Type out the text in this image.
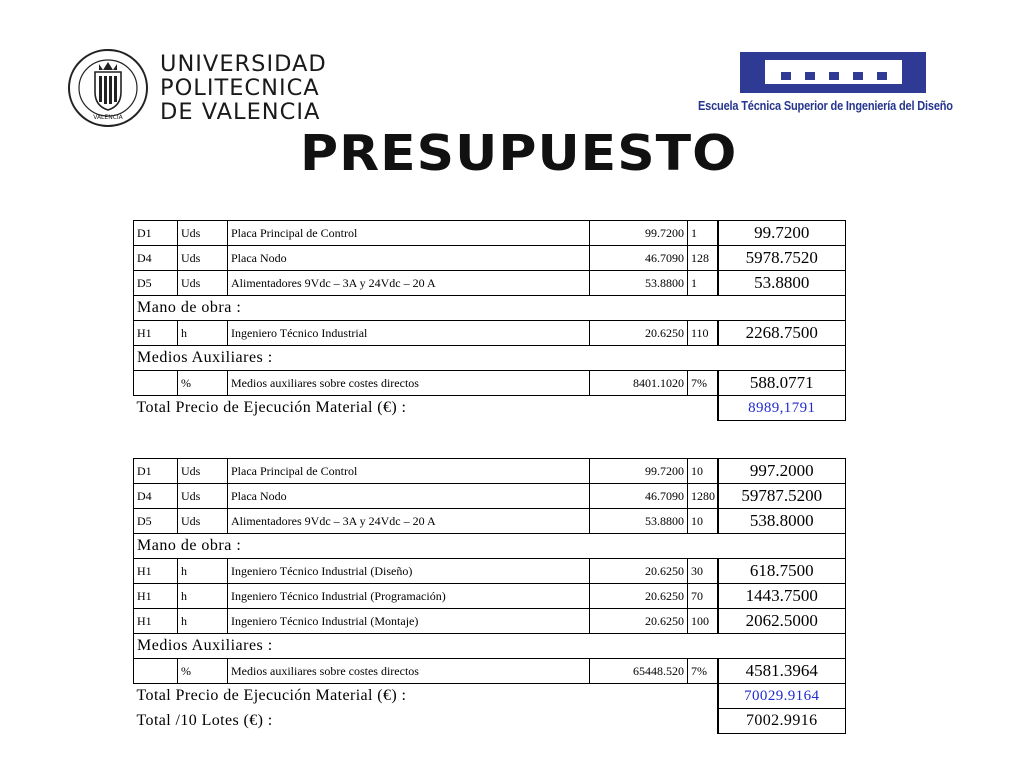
VALENCIA
UNIVERSIDAD
POLITECNICA
DE VALENCIA	Escuela Técnica Superior de Ingeniería del Diseño
PRESUPUESTO
D1	Uds	Placa Principal de Control	99.7200	1	99.7200
D4	Uds	Placa Nodo	46.7090	128	5978.7520
D5	Uds	Alimentadores 9Vdc – 3A y 24Vdc – 20 A	53.8800	1	53.8800
Mano de obra :					
H1	h	Ingeniero Técnico Industrial	20.6250	110	2268.7500
Medios Auxiliares :					
	%	Medios auxiliares sobre costes directos	8401.1020	7%	588.0771
Total Precio de Ejecución Material (€) :					8989,1791
D1	Uds	Placa Principal de Control	99.7200	10	997.2000
D4	Uds	Placa Nodo	46.7090	1280	59787.5200
D5	Uds	Alimentadores 9Vdc – 3A y 24Vdc – 20 A	53.8800	10	538.8000
Mano de obra :					
H1	h	Ingeniero Técnico Industrial (Diseño)	20.6250	30	618.7500
H1	h	Ingeniero Técnico Industrial (Programación)	20.6250	70	1443.7500
H1	h	Ingeniero Técnico Industrial (Montaje)	20.6250	100	2062.5000
Medios Auxiliares :					
	%	Medios auxiliares sobre costes directos	65448.520	7%	4581.3964
Total Precio de Ejecución Material (€) :					70029.9164
Total /10 Lotes (€) :					7002.9916
